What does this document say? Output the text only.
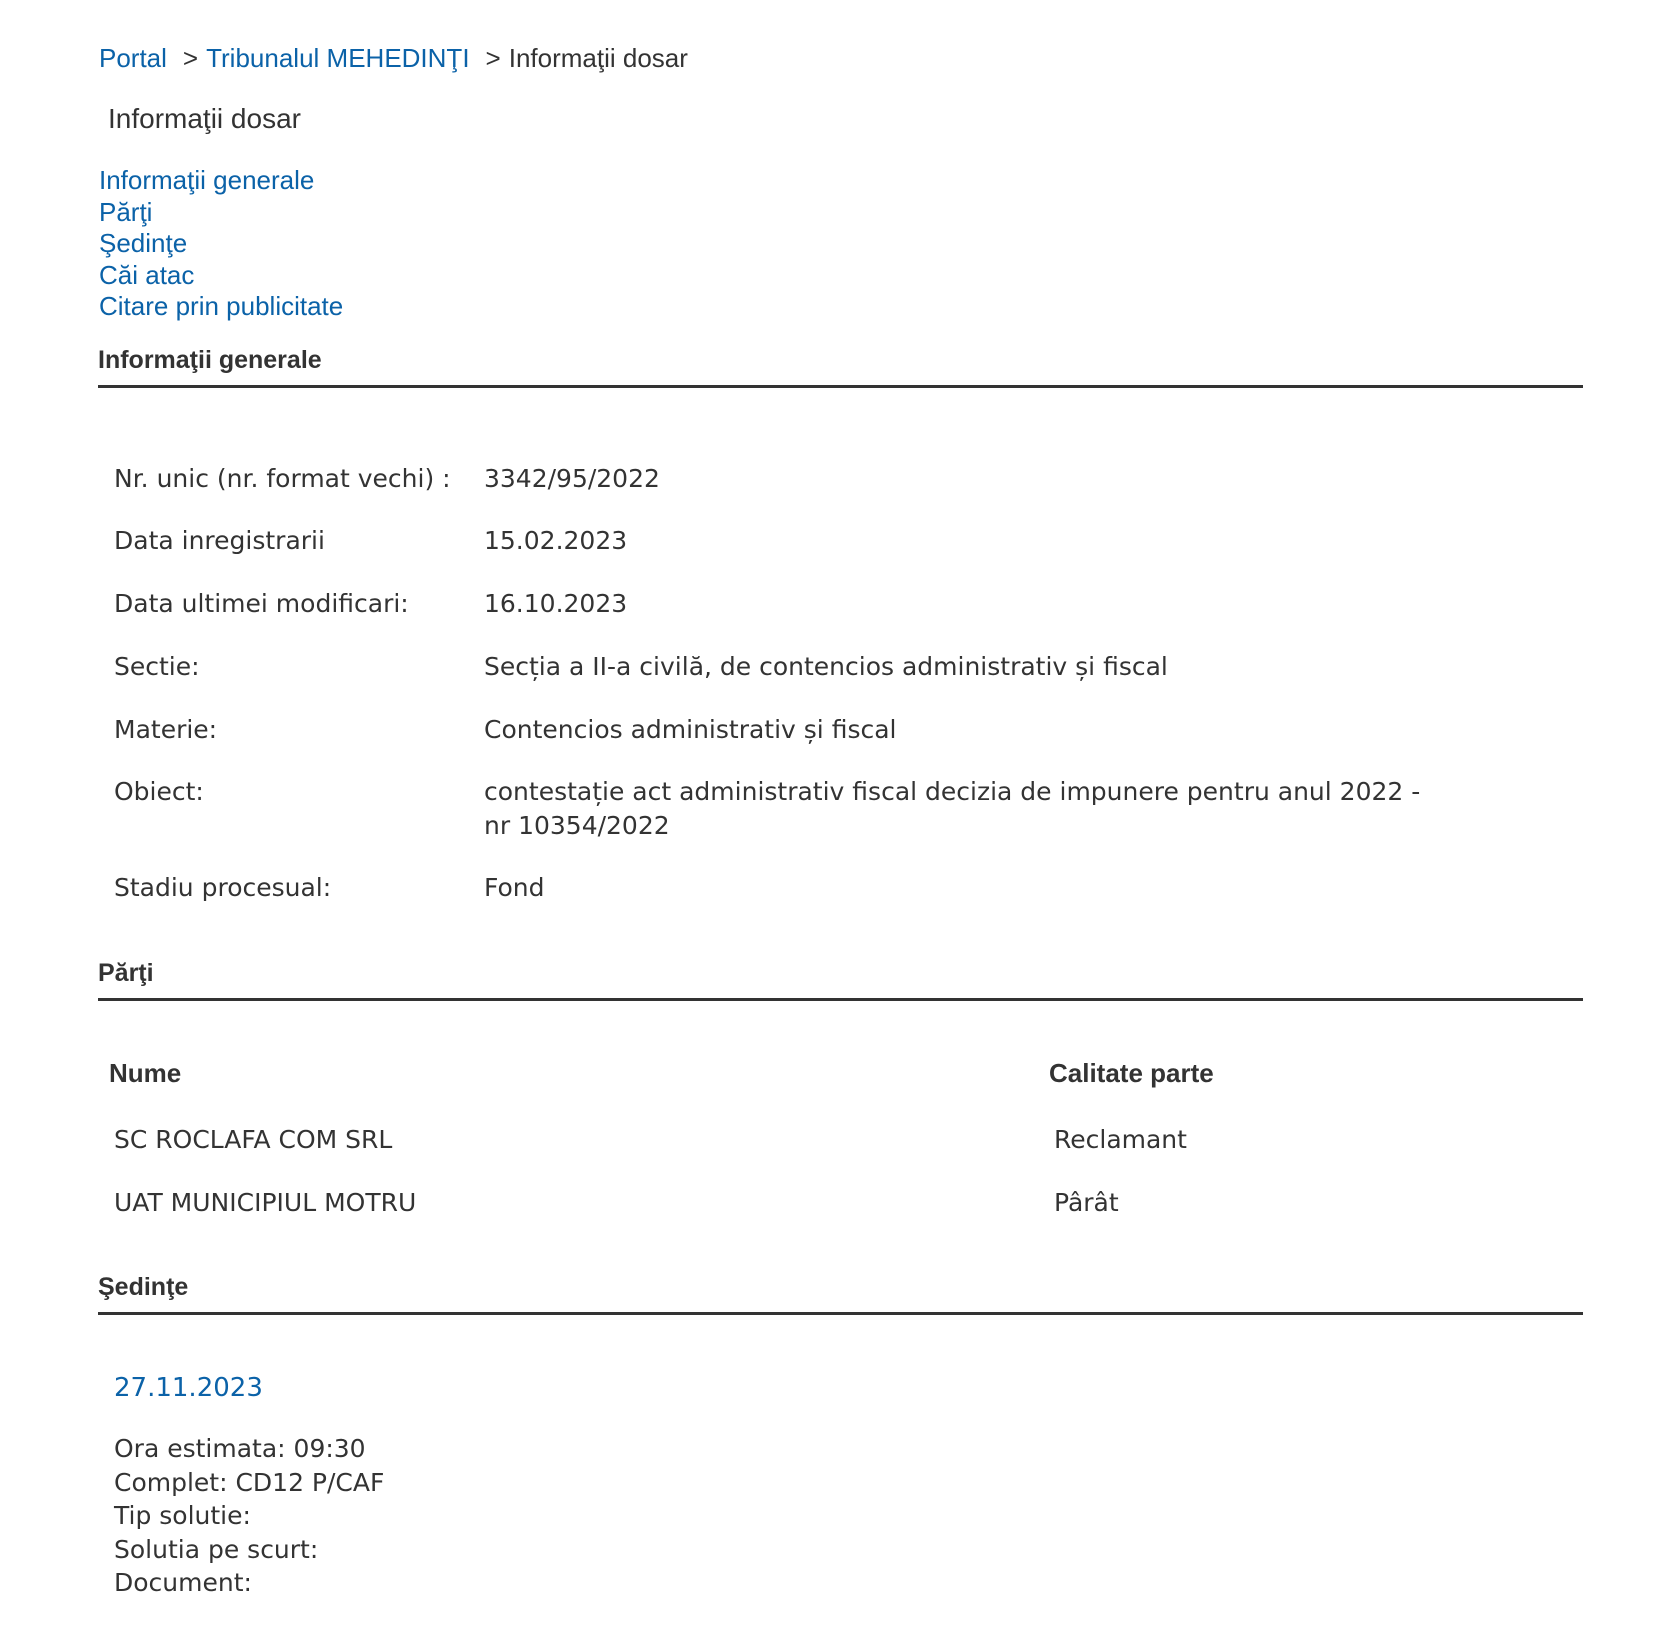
Portal > Tribunalul MEHEDINŢI > Informaţii dosar
Informaţii dosar
Informaţii generale
Părţi
Şedinţe
Căi atac
Citare prin publicitate
Informaţii generale
Nr. unic (nr. format vechi) : 3342/95/2022
Data inregistrarii	15.02.2023
Data ultimei modificari:	16.10.2023
Sectie:	Secția a II-a civilă, de contencios administrativ și fiscal
Materie:	Contencios administrativ și fiscal
Obiect:	contestație act administrativ fiscal decizia de impunere pentru anul 2022 - nr 10354/2022
Stadiu procesual:	Fond
Părţi
Nume	Calitate parte
SC ROCLAFA COM SRL	Reclamant
UAT MUNICIPIUL MOTRU	Pârât
Şedinţe
27.11.2023
Ora estimata: 09:30
Complet: CD12 P/CAF
Tip solutie:
Solutia pe scurt:
Document:
